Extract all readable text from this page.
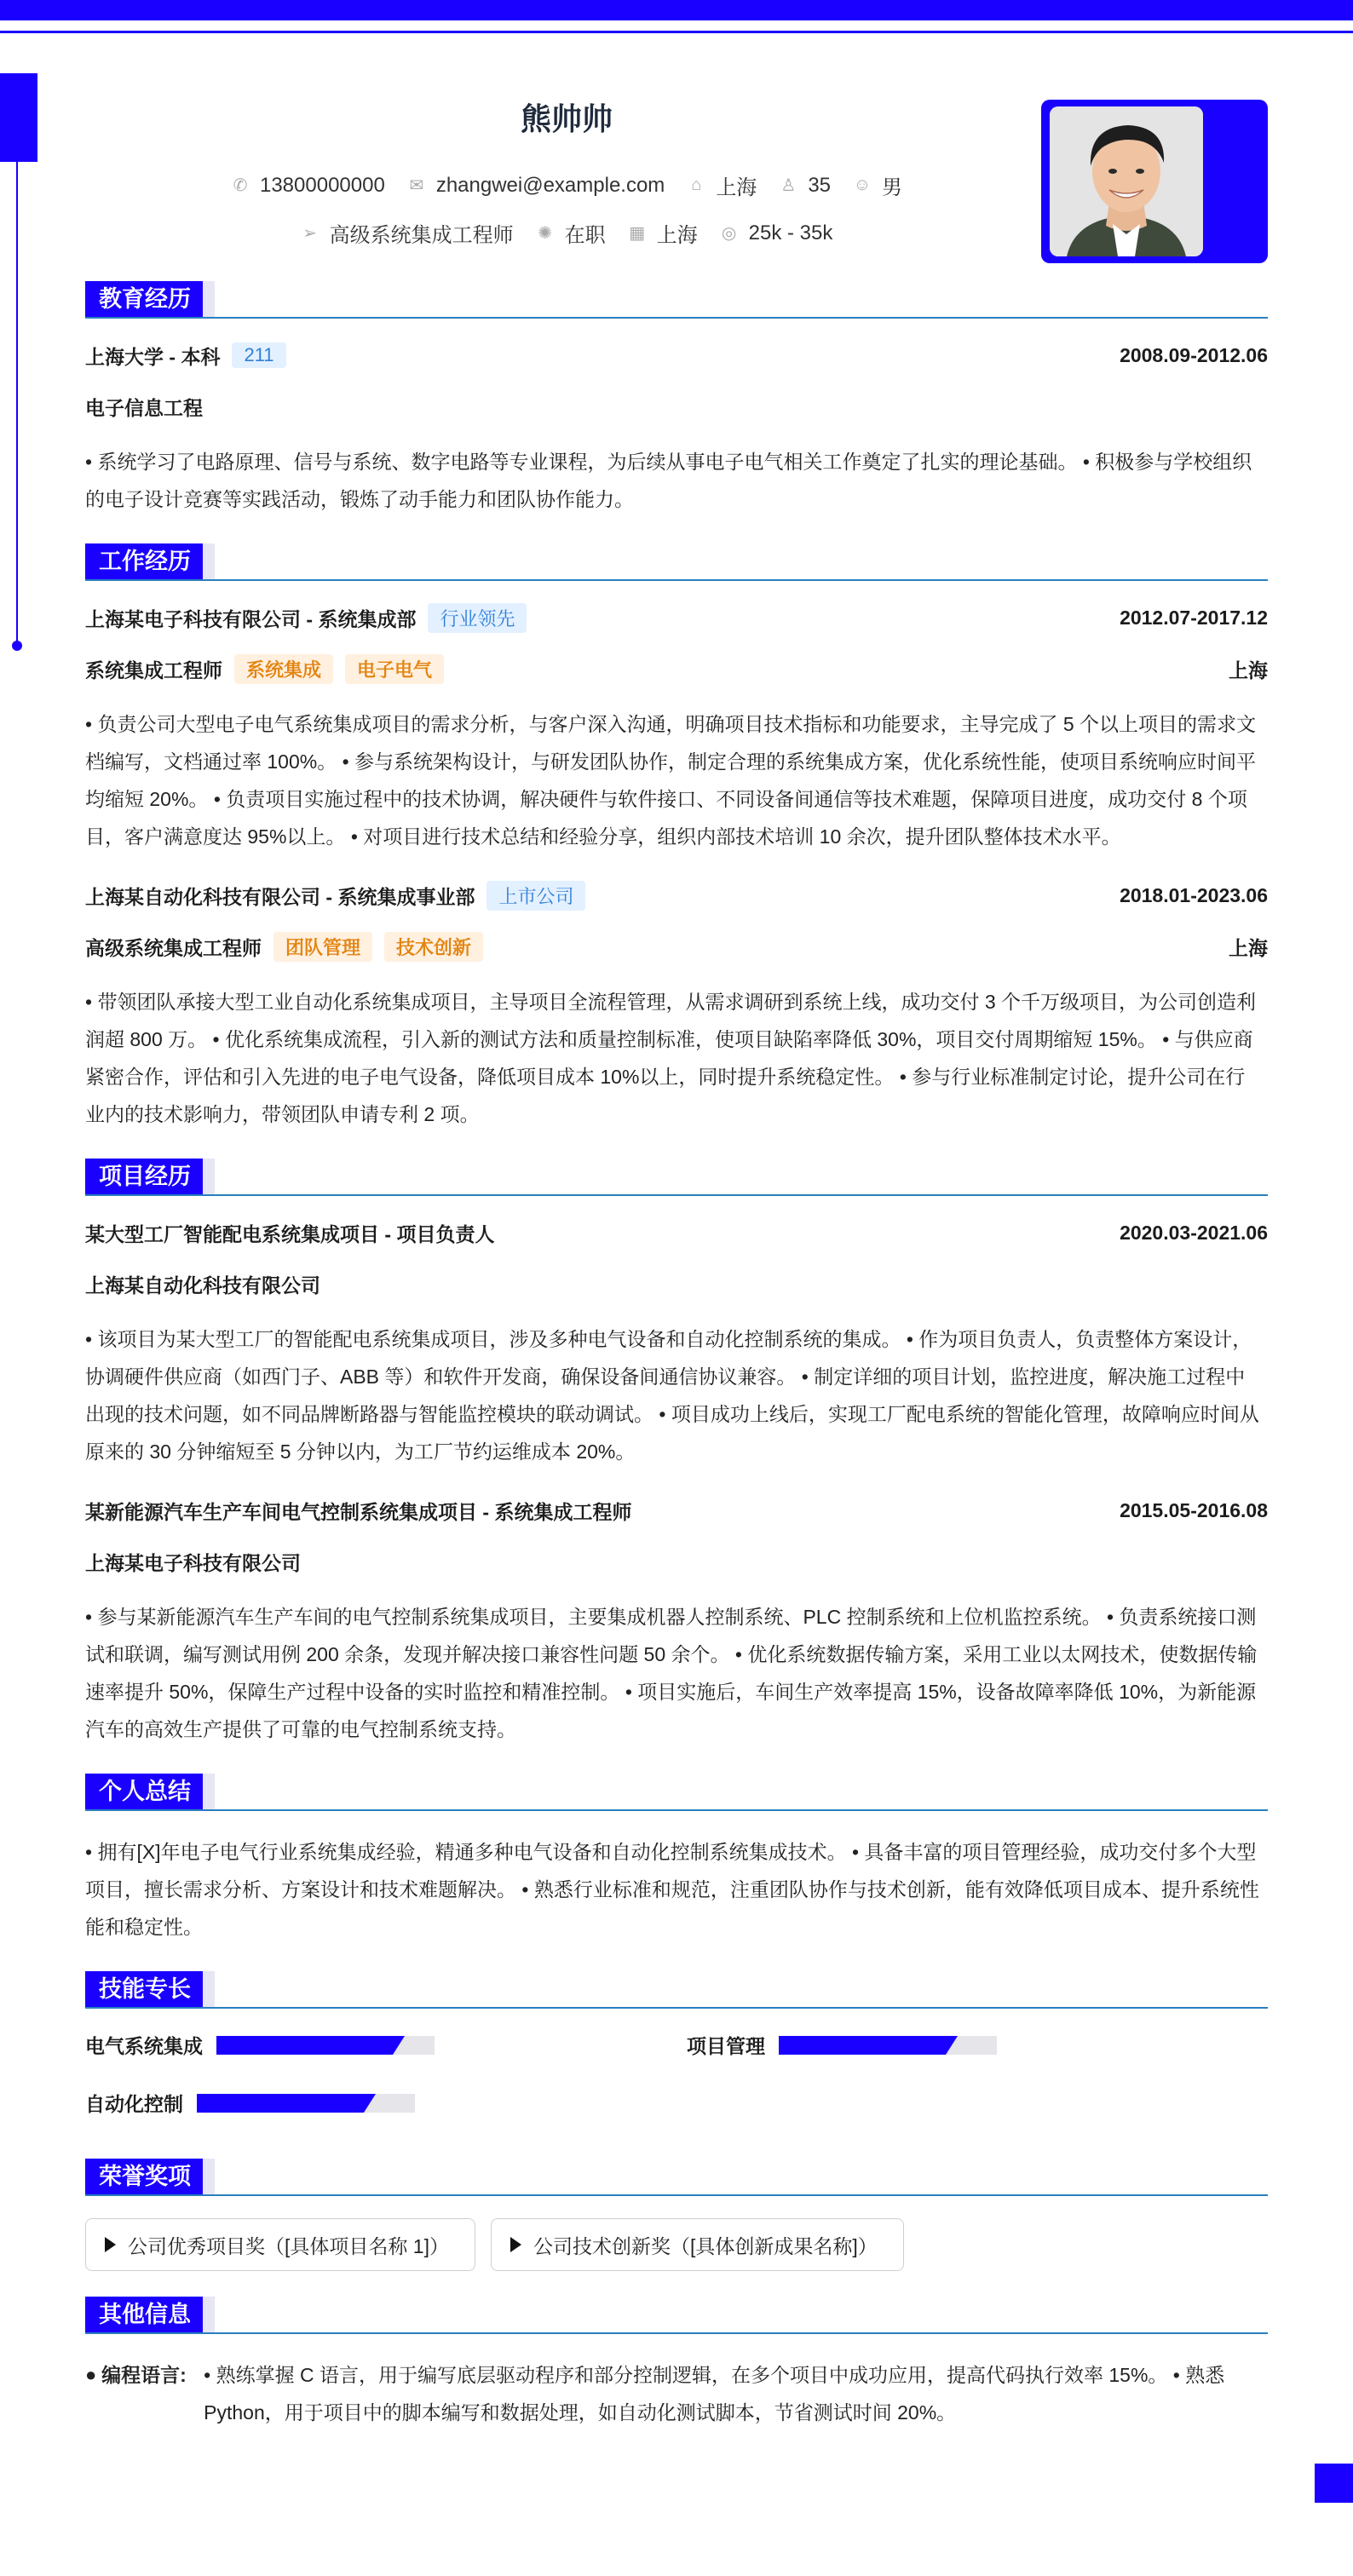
熊帅帅
✆ 13800000000 ✉ zhangwei@example.com ⌂ 上海 ♙ 35 ☺ 男
➢ 高级系统集成工程师 ✺ 在职 ▦ 上海 ◎ 25k - 35k
教育经历
上海大学 - 本科	211	2008.09-2012.06
电子信息工程
• 系统学习了电路原理、信号与系统、数字电路等专业课程，为后续从事电子电气相关工作奠定了扎实的理论基础。 • 积极参与学校组织的电子设计竞赛等实践活动，锻炼了动手能力和团队协作能力。
工作经历
上海某电子科技有限公司 - 系统集成部	行业领先	2012.07-2017.12
系统集成工程师	系统集成	电子电气	上海
• 负责公司大型电子电气系统集成项目的需求分析，与客户深入沟通，明确项目技术指标和功能要求，主导完成了 5 个以上项目的需求文档编写，文档通过率 100%。 • 参与系统架构设计，与研发团队协作，制定合理的系统集成方案，优化系统性能，使项目系统响应时间平均缩短 20%。 • 负责项目实施过程中的技术协调，解决硬件与软件接口、不同设备间通信等技术难题，保障项目进度，成功交付 8 个项目，客户满意度达 95%以上。 • 对项目进行技术总结和经验分享，组织内部技术培训 10 余次，提升团队整体技术水平。
上海某自动化科技有限公司 - 系统集成事业部	上市公司	2018.01-2023.06
高级系统集成工程师	团队管理	技术创新	上海
• 带领团队承接大型工业自动化系统集成项目，主导项目全流程管理，从需求调研到系统上线，成功交付 3 个千万级项目，为公司创造利润超 800 万。 • 优化系统集成流程，引入新的测试方法和质量控制标准，使项目缺陷率降低 30%，项目交付周期缩短 15%。 • 与供应商紧密合作，评估和引入先进的电子电气设备，降低项目成本 10%以上，同时提升系统稳定性。 • 参与行业标准制定讨论，提升公司在行业内的技术影响力，带领团队申请专利 2 项。
项目经历
某大型工厂智能配电系统集成项目 - 项目负责人	2020.03-2021.06
上海某自动化科技有限公司
• 该项目为某大型工厂的智能配电系统集成项目，涉及多种电气设备和自动化控制系统的集成。 • 作为项目负责人，负责整体方案设计，协调硬件供应商（如西门子、ABB 等）和软件开发商，确保设备间通信协议兼容。 • 制定详细的项目计划，监控进度，解决施工过程中出现的技术问题，如不同品牌断路器与智能监控模块的联动调试。 • 项目成功上线后，实现工厂配电系统的智能化管理，故障响应时间从原来的 30 分钟缩短至 5 分钟以内，为工厂节约运维成本 20%。
某新能源汽车生产车间电气控制系统集成项目 - 系统集成工程师	2015.05-2016.08
上海某电子科技有限公司
• 参与某新能源汽车生产车间的电气控制系统集成项目，主要集成机器人控制系统、PLC 控制系统和上位机监控系统。 • 负责系统接口测试和联调，编写测试用例 200 余条，发现并解决接口兼容性问题 50 余个。 • 优化系统数据传输方案，采用工业以太网技术，使数据传输速率提升 50%，保障生产过程中设备的实时监控和精准控制。 • 项目实施后，车间生产效率提高 15%，设备故障率降低 10%，为新能源汽车的高效生产提供了可靠的电气控制系统支持。
个人总结
• 拥有[X]年电子电气行业系统集成经验，精通多种电气设备和自动化控制系统集成技术。 • 具备丰富的项目管理经验，成功交付多个大型项目，擅长需求分析、方案设计和技术难题解决。 • 熟悉行业标准和规范，注重团队协作与技术创新，能有效降低项目成本、提升系统性能和稳定性。
技能专长
电气系统集成	项目管理
自动化控制
荣誉奖项
公司优秀项目奖（[具体项目名称 1]）	公司技术创新奖（[具体创新成果名称]）
其他信息
● 编程语言: • 熟练掌握 C 语言，用于编写底层驱动程序和部分控制逻辑，在多个项目中成功应用，提高代码执行效率 15%。 • 熟悉 Python，用于项目中的脚本编写和数据处理，如自动化测试脚本，节省测试时间 20%。
